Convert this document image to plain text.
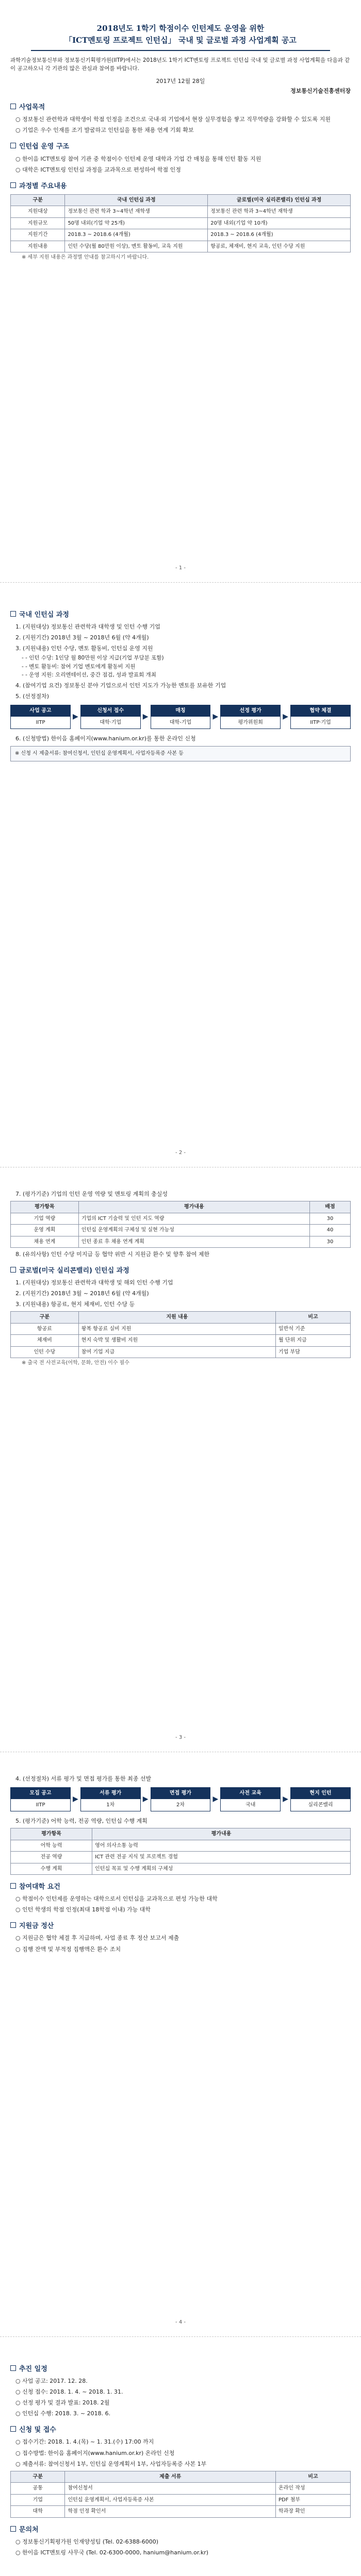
2018년도 1학기 학점이수 인턴제도 운영을 위한
「ICT멘토링 프로젝트 인턴십」 국내 및 글로벌 과정 사업계획 공고
과학기술정보통신부와 정보통신기획평가원(IITP)에서는 2018년도 1학기 ICT멘토링 프로젝트 인턴십 국내 및 글로벌 과정 사업계획을 다음과 같이 공고하오니 각 기관의 많은 관심과 참여를 바랍니다.
2017년 12월 28일
정보통신기술진흥센터장
사업목적
○ 정보통신 관련학과 대학생이 학점 인정을 조건으로 국내·외 기업에서 현장 실무경험을 쌓고 직무역량을 강화할 수 있도록 지원
○ 기업은 우수 인재를 조기 발굴하고 인턴십을 통한 채용 연계 기회 확보
인턴쉽 운영 구조
○ 한이음 ICT멘토링 참여 기관 중 학점이수 인턴제 운영 대학과 기업 간 매칭을 통해 인턴 활동 지원
○ 대학은 ICT멘토링 인턴십 과정을 교과목으로 편성하여 학점 인정
과정별 주요내용
구분	국내 인턴십 과정	글로벌(미국 실리콘밸리) 인턴십 과정
지원대상	정보통신 관련 학과 3~4학년 재학생	정보통신 관련 학과 3~4학년 재학생
지원규모	50명 내외(기업 약 25개)	20명 내외(기업 약 10개)
지원기간	2018.3 ~ 2018.6 (4개월)	2018.3 ~ 2018.6 (4개월)
지원내용	인턴 수당(월 80만원 이상), 멘토 활동비, 교육 지원	항공료, 체재비, 현지 교육, 인턴 수당 지원
※ 세부 지원 내용은 과정별 안내를 참고하시기 바랍니다.
- 1 -
국내 인턴십 과정
1. (지원대상) 정보통신 관련학과 대학생 및 인턴 수행 기업
2. (지원기간) 2018년 3월 ~ 2018년 6월 (약 4개월)
3. (지원내용) 인턴 수당, 멘토 활동비, 인턴십 운영 지원
- - 인턴 수당: 1인당 월 80만원 이상 지급(기업 부담분 포함)
- - 멘토 활동비: 참여 기업 멘토에게 활동비 지원
- - 운영 지원: 오리엔테이션, 중간 점검, 성과 발표회 개최
4. (참여기업 요건) 정보통신 분야 기업으로서 인턴 지도가 가능한 멘토를 보유한 기업
5. (선정절차)
사업 공고
IITP
▶
신청서 접수
대학·기업
▶
매칭
대학-기업
▶
선정 평가
평가위원회
▶
협약 체결
IITP·기업
6. (신청방법) 한이음 홈페이지(www.hanium.or.kr)를 통한 온라인 신청
※ 신청 시 제출서류: 참여신청서, 인턴십 운영계획서, 사업자등록증 사본 등
- 2 -
7. (평가기준) 기업의 인턴 운영 역량 및 멘토링 계획의 충실성
평가항목	평가내용	배점
기업 역량	기업의 ICT 기술력 및 인턴 지도 역량	30
운영 계획	인턴십 운영계획의 구체성 및 실현 가능성	40
채용 연계	인턴 종료 후 채용 연계 계획	30
8. (유의사항) 인턴 수당 미지급 등 협약 위반 시 지원금 환수 및 향후 참여 제한
글로벌(미국 실리콘밸리) 인턴십 과정
1. (지원대상) 정보통신 관련학과 대학생 및 해외 인턴 수행 기업
2. (지원기간) 2018년 3월 ~ 2018년 6월 (약 4개월)
3. (지원내용) 항공료, 현지 체재비, 인턴 수당 등
구분	지원 내용	비고
항공료	왕복 항공료 실비 지원	일반석 기준
체재비	현지 숙박 및 생활비 지원	월 단위 지급
인턴 수당	참여 기업 지급	기업 부담
※ 출국 전 사전교육(어학, 문화, 안전) 이수 필수
- 3 -
4. (선정절차) 서류 평가 및 면접 평가를 통한 최종 선발
모집 공고
IITP
▶
서류 평가
1차
▶
면접 평가
2차
▶
사전 교육
국내
▶
현지 인턴
실리콘밸리
5. (평가기준) 어학 능력, 전공 역량, 인턴십 수행 계획
평가항목	평가내용
어학 능력	영어 의사소통 능력
전공 역량	ICT 관련 전공 지식 및 프로젝트 경험
수행 계획	인턴십 목표 및 수행 계획의 구체성
참여대학 요건
○ 학점이수 인턴제를 운영하는 대학으로서 인턴십을 교과목으로 편성 가능한 대학
○ 인턴 학생의 학점 인정(최대 18학점 이내) 가능 대학
지원금 정산
○ 지원금은 협약 체결 후 지급하며, 사업 종료 후 정산 보고서 제출
○ 집행 잔액 및 부적정 집행액은 환수 조치
- 4 -
추진 일정
○ 사업 공고: 2017. 12. 28.
○ 신청 접수: 2018. 1. 4. ~ 2018. 1. 31.
○ 선정 평가 및 결과 발표: 2018. 2월
○ 인턴십 수행: 2018. 3. ~ 2018. 6.
신청 및 접수
○ 접수기간: 2018. 1. 4.(목) ~ 1. 31.(수) 17:00 까지
○ 접수방법: 한이음 홈페이지(www.hanium.or.kr) 온라인 신청
○ 제출서류: 참여신청서 1부, 인턴십 운영계획서 1부, 사업자등록증 사본 1부
구분	제출 서류	비고
공통	참여신청서	온라인 작성
기업	인턴십 운영계획서, 사업자등록증 사본	PDF 첨부
대학	학점 인정 확인서	학과장 확인
문의처
○ 정보통신기획평가원 인재양성팀 (Tel. 02-6388-6000)
○ 한이음 ICT멘토링 사무국 (Tel. 02-6300-0000, hanium@hanium.or.kr)
